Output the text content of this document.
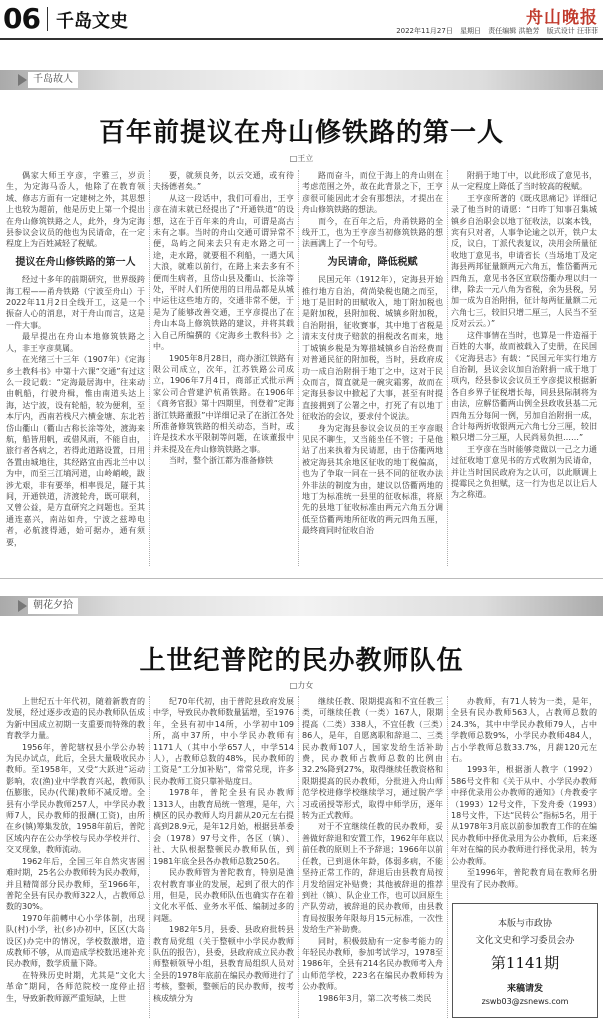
06 千岛文史	舟山晚报
2022年11月27日 星期日 责任编辑 洪艳芳 版式设计 汪菲菲
千岛故人
百年前提议在舟山修铁路的第一人
□王立

偶家大师王亨彦，字雅三，岁贡生，为定海马岙人，他除了在教育领域、修志方面有一定建树之外，其思想上也较为超前，他是历史上第一个提出在舟山修筑铁路之人，此外，身为定海县参议会议员的他也为民请命，在一定程度上为百姓减轻了税赋。

提议在舟山修铁路的第一人

经过十多年的前期研究，世界级跨海工程——甬舟铁路（宁波至舟山）于2022年11月2日全线开工，这是一个振奋人心的消息，对于舟山而言，这是一件大事。

最早提出在舟山本地修筑铁路之人，非王亨彦莫属。

在光绪三十三年（1907年）《定海乡土教科书》中第十六课“交通”有过这么一段记载：“定海最居海中，往来动由帆船，行驶舟楫，惟由南道头达上海，达宁波，设有轮船，较为便利，至本厅内，西南若栈尺六横金塘、东北若岱山衢山（衢山古称长涂等处，渡海来航，船皆用帆，或借风雨，不能自由，旅行者各病之，若得此道路设置，日用各置由城地往，其经路宜由西北兰中以为中，而至三江墒河道，山岭峭峻，跋涉尤艰，非有要举，相率畏足，隧于其间，开通铁道，济渡轮舟，既可联利，又曾公益，是方直研究之问题也。至其通连嘉兴，南站如舟，宁波之兹埠电者，必航渡得通，始可据办，通有须要，

要，就须良务，以云交通，或有待夫扬德者矣。”

从这一段话中，我们可看出，王亨彦在清末就已经提出了“开通铁道”的设想，这在于百年来的舟山，可谓是高古未有之事。当时的舟山交通可谓异常不便，岛屿之间来去只有走水路之可一途，走水路，就要租不利船，一遇大风大浪，就难以前行，在路上来去多有不便而生病者，且岱山县及衢山、长涂等处，平时人们所使用的日用品都是从城中运往这些地方的，交通非常不便，于是为了能够改善交通，王亨彦提出了在舟山本岛上修筑铁路的建议，并将其载入自己所编撰的《定海乡土教科书》之中。

1905年8月28日，商办浙江铁路有限公司成立，次年，江苏铁路公司成立，1906年7月4日，商部正式批示两家公司合营建沪杭甬铁路。在1906年《商务官报》第十四期里，刊登着“定海浙江铁路董报”中详细记录了在浙江各处所准备修筑铁路的相关动态，当时，或许是技术水平限制等问题，在该董报中并未提及在舟山修筑铁路之事。

当时，整个浙江都为准备修铁

路而奋斗，而位于海上的舟山则在考虑范围之外，故在此背景之下，王亨彦很可能因此才会有那想法，才提出在舟山修筑铁路的想法。

而今，在百年之后，舟甬铁路的全线开工，也为王亨彦当初修筑铁路的想法画满上了一个句号。

为民请命，降低税赋

民国元年（1912年），定海县开始推行地方自治，荷尚染税也随之而至，地丁是旧时的田赋收入，地丁附加税也是附加税，县附加税、城镇乡附加税，自治附捐，征收赛事，其中地丁省税是清末支付庚子赔款的捐税改名而来，地丁城镇乡税是为筹措城镇乡自治经费而对普通民征的附加税，当时，县政府成功一成自治附捐于地丁之中，这对于民众而言，简直就是一碗灾霜雾，故而在定海县参议中掀起了大事，甚至有时提直接拥到了公署之中，打死了有以地丁征收治的会议，要求付个说法。

身为定海县参议会议员的王亨彦眼见民不聊生，又当能坐任不管；于是他站了出来执着为民请愿，由于岱衢两地被定海县其余地区征收的地丁税偏高，也为了争取一同在一县不同的征收办法外非法的制度为由，建议以岱衢两地的地丁为标准统一县里的征收标准，将原先的县地丁征收标准由两元六角五分调低至岱衢两地所征收的两元四角五厘，最终商同时征收自治

附捐于地丁中，以此形成了意见书，从一定程度上降低了当时较高的税赋。

王亨彦所著的《既戌思痛记》详细记录了他当时的请愿：“日昨丁知事召集城镇乡自治职会以地丁征收法，以案本钱，宾有只对者，人事争论逾之以开，铁户太反，议白，丁派代表复议，决用会所量征收地丁意见书，申请省长（当场地丁及定海县两邦征量额两元六角五，惟岱衢两元四角五，意见书各区宣联岱衢办理以归一律，除去一元八角为省税，余为县税，另加一成为自治附捐，征计每两征量额二元六角七三，较旧只增二厘三，人民当不至反对云云。）”

这件事情在当时，也算是一件造福于百姓的大事，故而被载入了史册，在民国《定海县志》有载：“民国元年实行地方自治制，县议会议加自治附捐一成于地丁项内，经县参议会议员王亨彦提议根据新各自乡界子征税增长每，同县县际制将为由法，应解岱衢两山例全县政收县基二元四角五分每间一例，另加自治附捐一成，合计每两折收银两元六角七分三厘，较旧粮只增二分三厘，人民尚易负担……”

王亨彦在当时能够竞做以一己之力通过征收地丁意见书的方式收割为民请命，并让当时国民政府为之认可，以此顺调上提霉民之负担赋，这一行为也足以让后人为之称道。

朝花夕拾
上世纪普陀的民办教师队伍
□力女

上世纪五十年代初，随着新教育的发展，经过逐步改造的民办教师队伍成为新中国成立初期一支重要而特殊的教育教学力量。

1956年，普陀辖权县小学公办转为民办试点，此后，全县大量吸收民办教师。至1958年，又受“大跃进”运动影响，农(渔)业中学教育兴起，教师队伍膨胀，民办(代课)教师不减反增。全县有小学民办教师257人，中学民办教师7人，民办教师的报酬(工资)，由所在乡(镇)筹集发放，1958年前后，普陀区域内存在公办学校与民办学校并行、交叉现象，教师流动。

1962年后，全国三年自然灾害困难时期，25名公办教师转为民办教师，并且精简部分民办教师，至1966年，普陀全县有民办教师322人，占教师总数的30%。

1970年前轉中心小学体制，出现队(村)小学，社(乡)办初中，区区(大岛设区)办完中的情况，学校数激增，造成教师不够，从而造成学校数迅速补充民办教师，数学质量下降。

在特殊历史时期，尤其是“文化大革命”期间，各师范院校一度停止招生，导致新教师源严重短缺，上世

纪70年代初，由于普陀县政府发展中学，导致民办教师数量猛增，至1976年，全县有初中14所，小学初中109所，高中37所，中小学民办教师有1171人（其中小学657人，中学514人），占教师总数的48%，民办教师的工资是“工分加补贴”，常常兑现，许多民办教师工资只靠补贴度日。

1978年，普陀全县有民办教师1313人，由教育局统一管理，是年，六横区的民办教师人均月薪从20元左右提高到28.9元，是年12月始，根据县革委会（1978）97号文件，各区（镇）、社、大队根据整顿民办教师队伍，到1981年底全县各办教师总数250名。

民办教师管为普陀教育，特别是渔农村教育事业的发展，起到了很大的作用，但是，民办教师队伍也确实存在着文化水平低、业务水平低、编制过多的问题。

1982年5月，县委、县政府批转县教育局党组（关于整顿中小学民办教师队伍的报告），县委，县政府成立民办教师整顿领导小组，县教育局组织人员对全县的1978年底前在编民办教师进行了考核，整顿，整顿后的民办教师，按考核成绩分为

继续任教、限期提高和不宜任教三类，可继续任教（一类）167人，限期提高（二类）338人，不宜任教（三类）86人，是年，自愿离职和辞退二、三类民办教师107人，国家发给生活补助费，民办教师占教师总数的比例由32.2%降到27%，取得继续任教资格和限期提高的民办教师，分批进入舟山师范学校进修学校继续学习，通过脱产学习或函授等形式，取得中师学历，逐年转为正式教师。

对于不宜继续任教的民办教师，妥善做好辞退和安置工作，1962年年底以前任教的原则上不予辞退；1966年以前任教，已到退休年龄，体弱多病，不能坚持正常工作的，辞退后由县教育局按月发给固定补贴费；其他被辞退的推荐到社（镇）、队企业工作，也可以回原生产队劳动，被辞退的民办教师，由县教育局按服务年限每月15元标准，一次性发给生产补助费。

同时，积极鼓励有一定参考能力的年轻民办教师，参加考试学习，1978至1986年，全县有214名民办教师考入舟山师范学校，223名在编民办教师转为公办教师。

1986年3月，第二次考核二类民

办教师，有71人转为一类，是年，全县有民办教师563人，占教师总数的24.3%，其中中学民办教师79人，占中学教师总数9%，小学民办教师484人，占小学教师总数33.7%，月薪120元左右。

1993年，根据浙人教字（1992）586号文件和《关于从中、小学民办教师中择优录用公办教师的通知》（舟教委字（1993）12号文件，下发舟委（1993）18号文件，下达“民转公”指标5名，用于从1978年3月底以前参加教育工作的在编民办教师中择优录用为公办教师，后来逐年对在编的民办教师进行择优录用，转为公办教师。

至1996年，普陀教育局在教师名册里没有了民办教师。

本版与市政协
文化文史和学习委员会办
第1141期
来稿请发
zswb03@zsnews.com
